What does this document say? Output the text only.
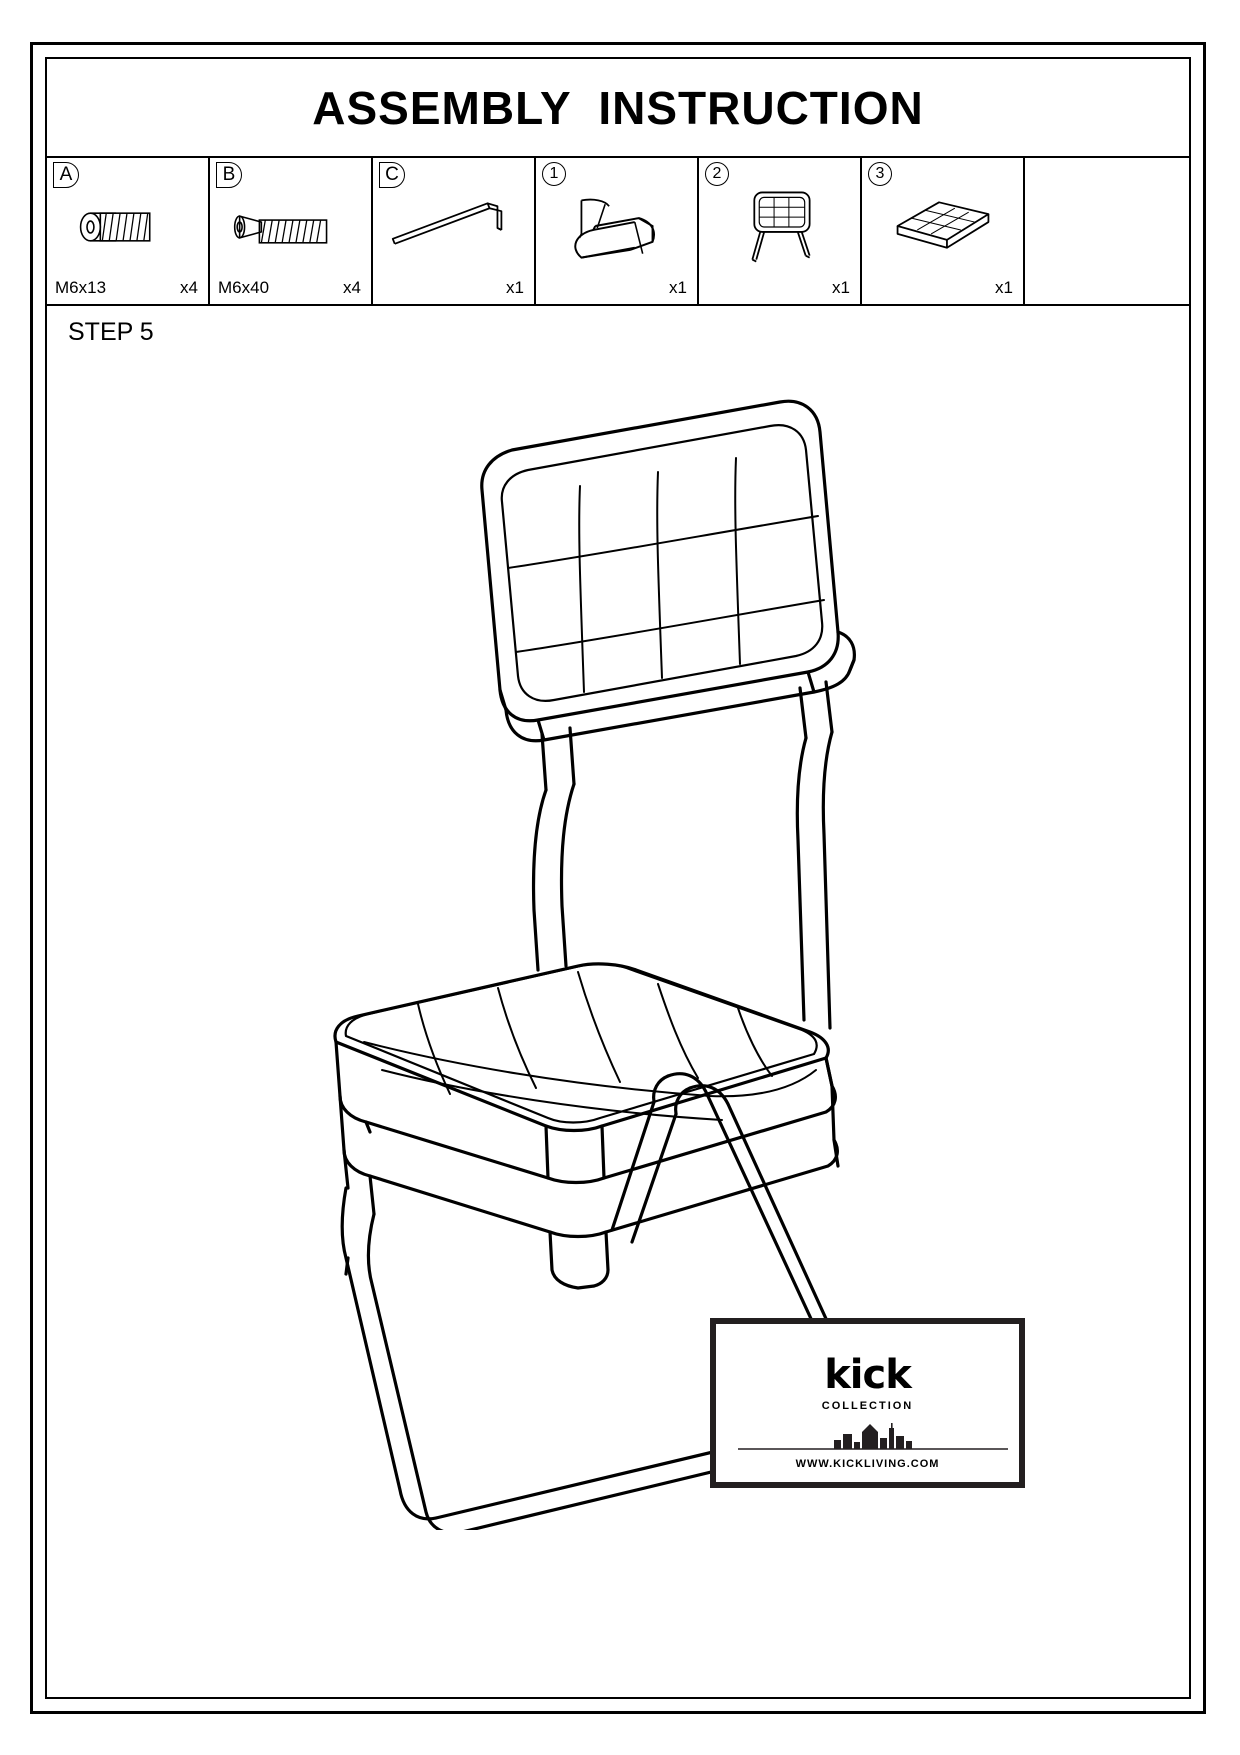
ASSEMBLY  INSTRUCTION
A
M6x13	x4
B
M6x40	x4
C
x1
1
x1
2
x1
3
x1
STEP 5
kick
COLLECTION
WWW.KICKLIVING.COM
